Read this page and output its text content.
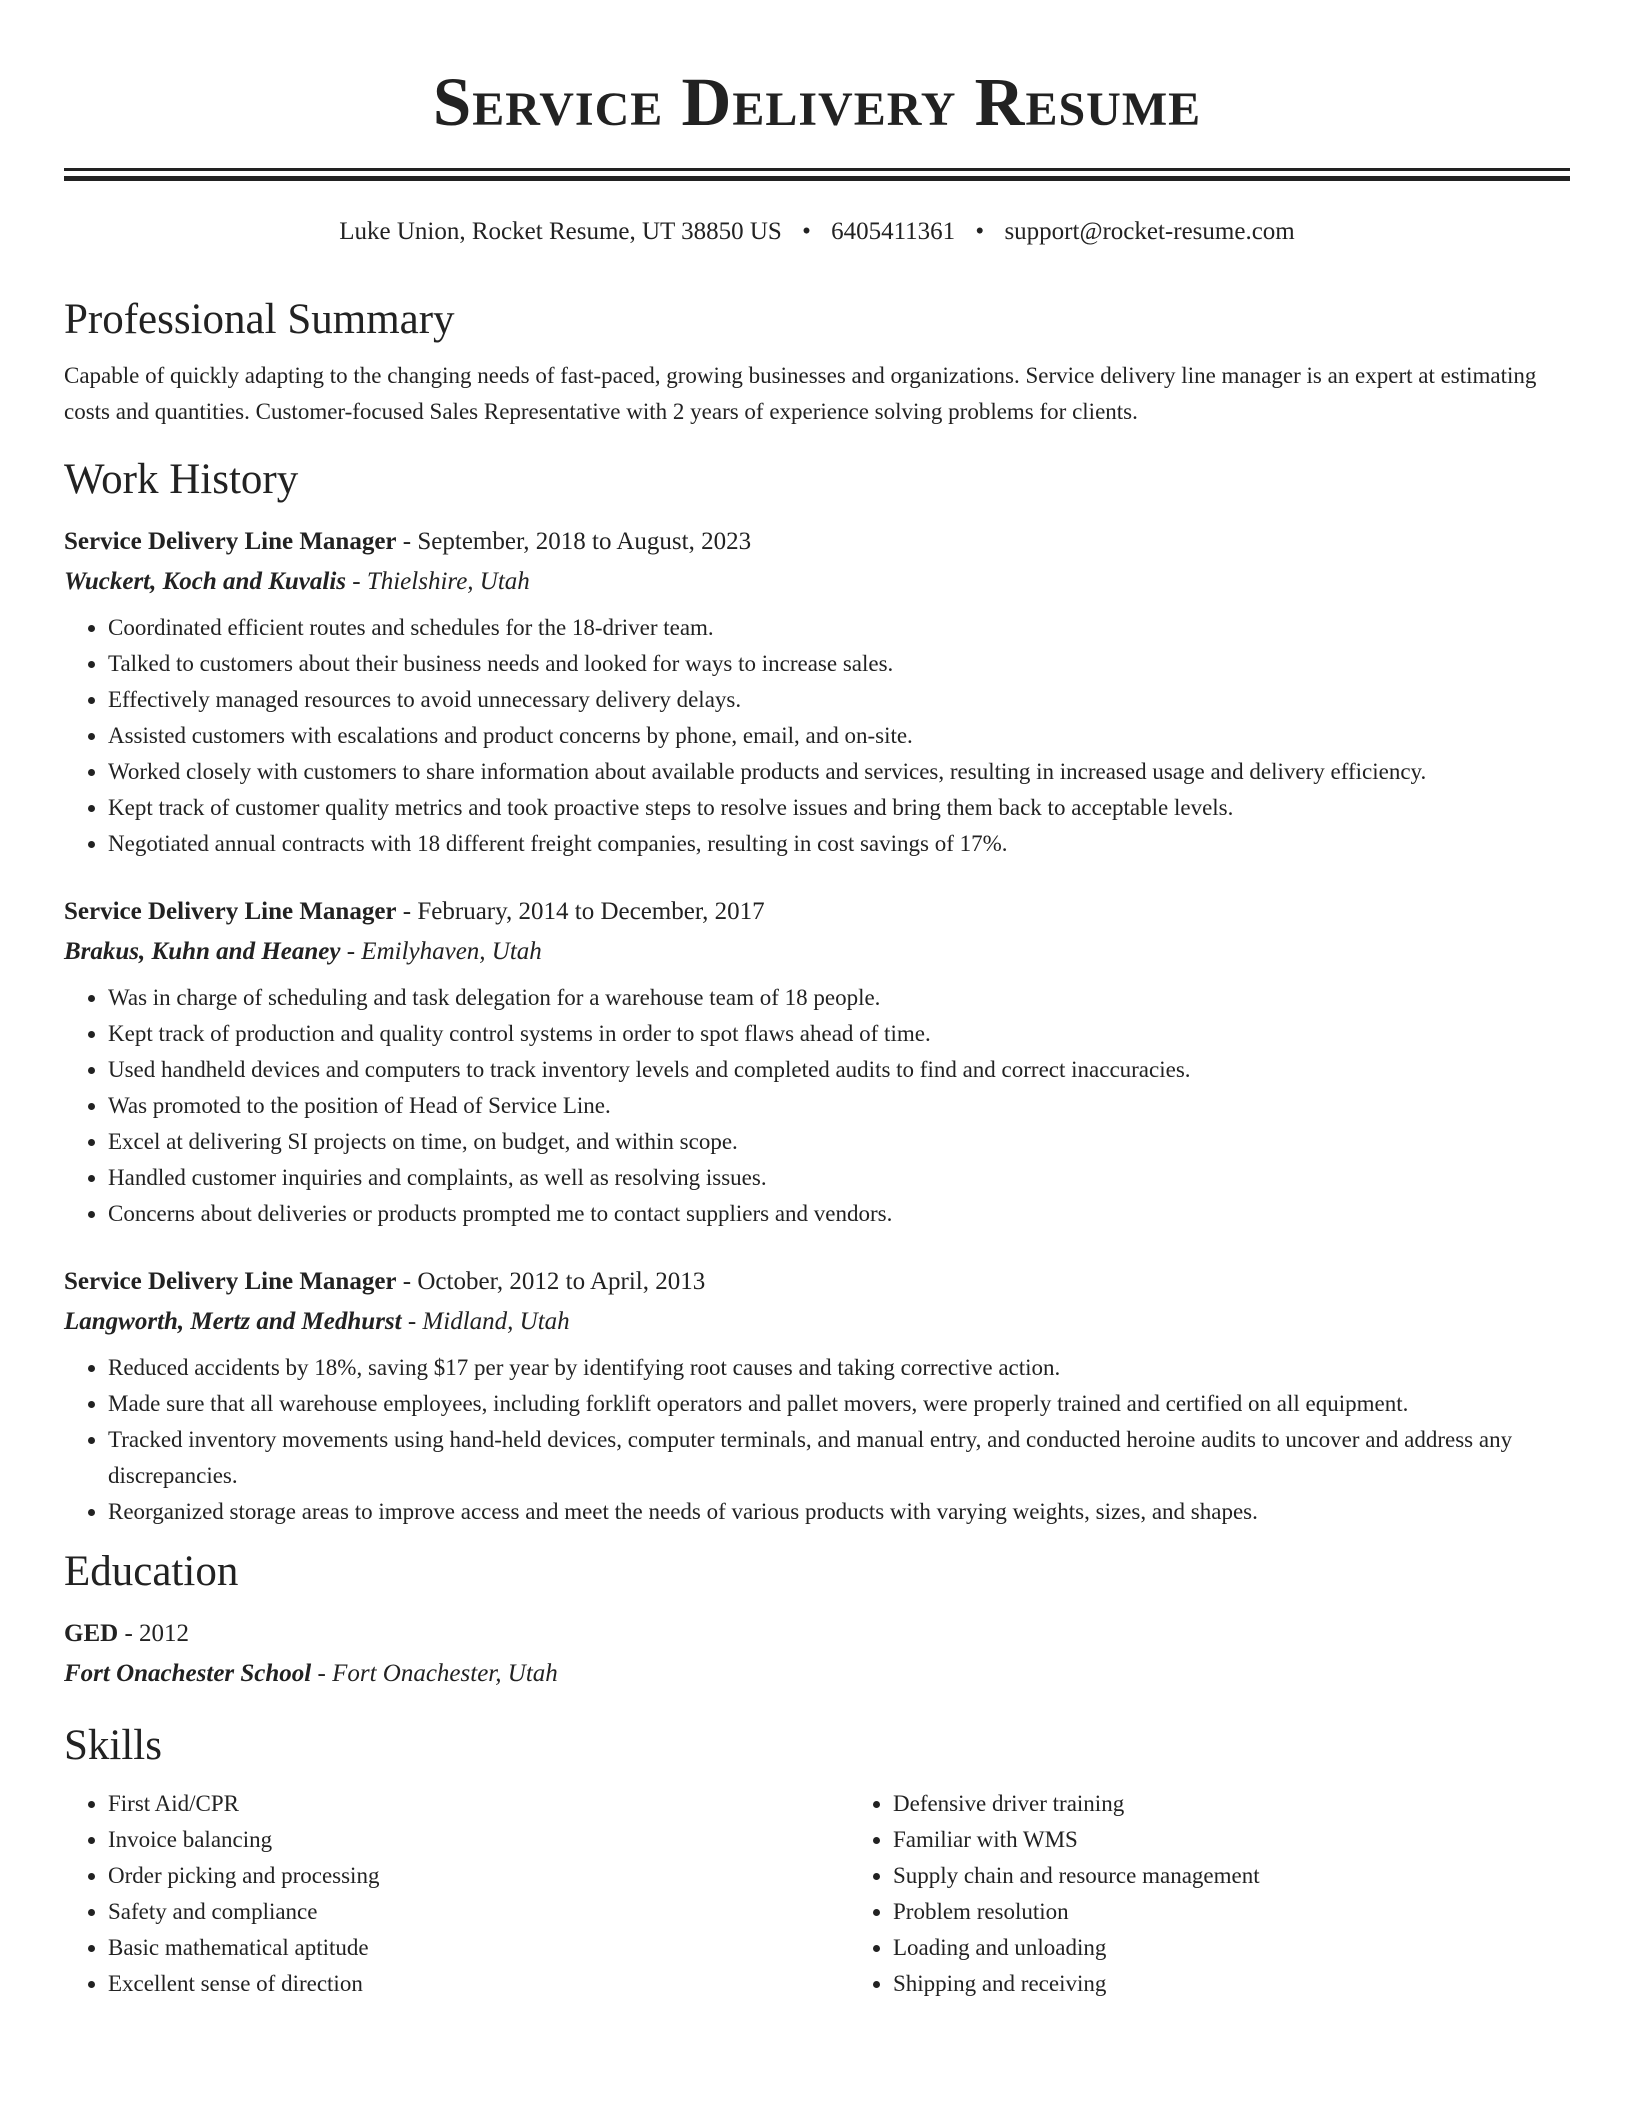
Service Delivery Resume
Luke Union, Rocket Resume, UT 38850 US • 6405411361 • support@rocket-resume.com
Professional Summary

Capable of quickly adapting to the changing needs of fast-paced, growing businesses and organizations. Service delivery line manager is an expert at estimating costs and quantities. Customer-focused Sales Representative with 2 years of experience solving problems for clients.

Work History
Service Delivery Line Manager - September, 2018 to August, 2023
Wuckert, Koch and Kuvalis - Thielshire, Utah
• Coordinated efficient routes and schedules for the 18-driver team.
• Talked to customers about their business needs and looked for ways to increase sales.
• Effectively managed resources to avoid unnecessary delivery delays.
• Assisted customers with escalations and product concerns by phone, email, and on-site.
• Worked closely with customers to share information about available products and services, resulting in increased usage and delivery efficiency.
• Kept track of customer quality metrics and took proactive steps to resolve issues and bring them back to acceptable levels.
• Negotiated annual contracts with 18 different freight companies, resulting in cost savings of 17%.
Service Delivery Line Manager - February, 2014 to December, 2017
Brakus, Kuhn and Heaney - Emilyhaven, Utah
• Was in charge of scheduling and task delegation for a warehouse team of 18 people.
• Kept track of production and quality control systems in order to spot flaws ahead of time.
• Used handheld devices and computers to track inventory levels and completed audits to find and correct inaccuracies.
• Was promoted to the position of Head of Service Line.
• Excel at delivering SI projects on time, on budget, and within scope.
• Handled customer inquiries and complaints, as well as resolving issues.
• Concerns about deliveries or products prompted me to contact suppliers and vendors.
Service Delivery Line Manager - October, 2012 to April, 2013
Langworth, Mertz and Medhurst - Midland, Utah
• Reduced accidents by 18%, saving $17 per year by identifying root causes and taking corrective action.
• Made sure that all warehouse employees, including forklift operators and pallet movers, were properly trained and certified on all equipment.
• Tracked inventory movements using hand-held devices, computer terminals, and manual entry, and conducted heroine audits to uncover and address any discrepancies.
• Reorganized storage areas to improve access and meet the needs of various products with varying weights, sizes, and shapes.
Education
GED - 2012
Fort Onachester School - Fort Onachester, Utah
Skills
• First Aid/CPR
• Invoice balancing
• Order picking and processing
• Safety and compliance
• Basic mathematical aptitude
• Excellent sense of direction
• Defensive driver training
• Familiar with WMS
• Supply chain and resource management
• Problem resolution
• Loading and unloading
• Shipping and receiving
